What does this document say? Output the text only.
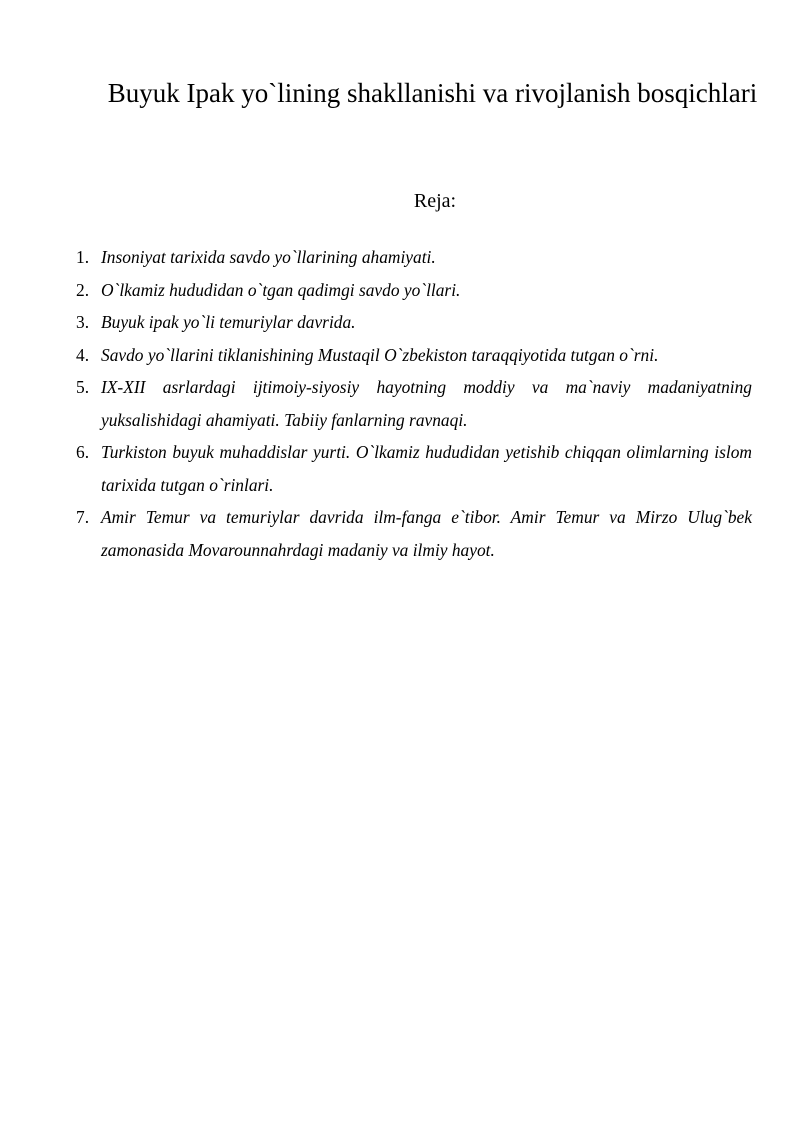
Buyuk Ipak yo`lining shakllanishi va rivojlanish bosqichlari
Reja:
1. Insoniyat tarixida savdo yo`llarining ahamiyati.
2. O`lkamiz hududidan o`tgan qadimgi savdo yo`llari.
3. Buyuk ipak yo`li temuriylar davrida.
4. Savdo yo`llarini tiklanishining Mustaqil O`zbekiston taraqqiyotida tutgan o`rni.
5. IX-XII asrlardagi ijtimoiy-siyosiy hayotning moddiy va ma`naviy madaniyatning yuksalishidagi ahamiyati. Tabiiy fanlarning ravnaqi.
6. Turkiston buyuk muhaddislar yurti. O`lkamiz hududidan yetishib chiqqan olimlarning islom tarixida tutgan o`rinlari.
7. Amir Temur va temuriylar davrida ilm-fanga e`tibor. Amir Temur va Mirzo Ulug`bek zamonasida Movarounnahrdagi madaniy va ilmiy hayot.
